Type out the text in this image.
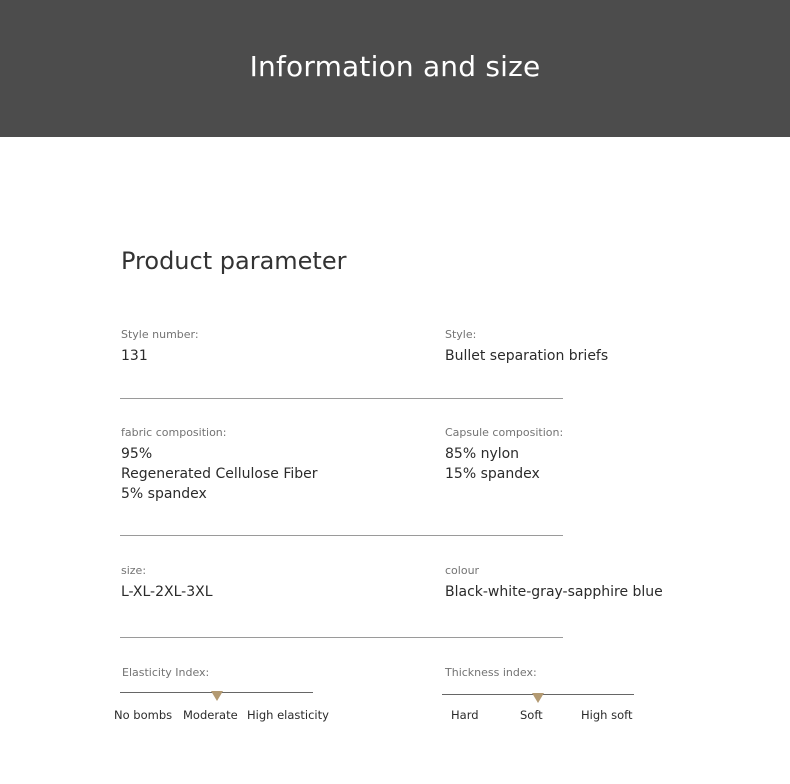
Information and size
Product parameter
Style number:
131
Style:
Bullet separation briefs
fabric composition:
95%
Regenerated Cellulose Fiber
5% spandex
Capsule composition:
85% nylon
15% spandex
size:
L-XL-2XL-3XL
colour
Black-white-gray-sapphire blue
Elasticity Index:
No bombs Moderate High elasticity
Thickness index:
Hard	Soft	High soft
